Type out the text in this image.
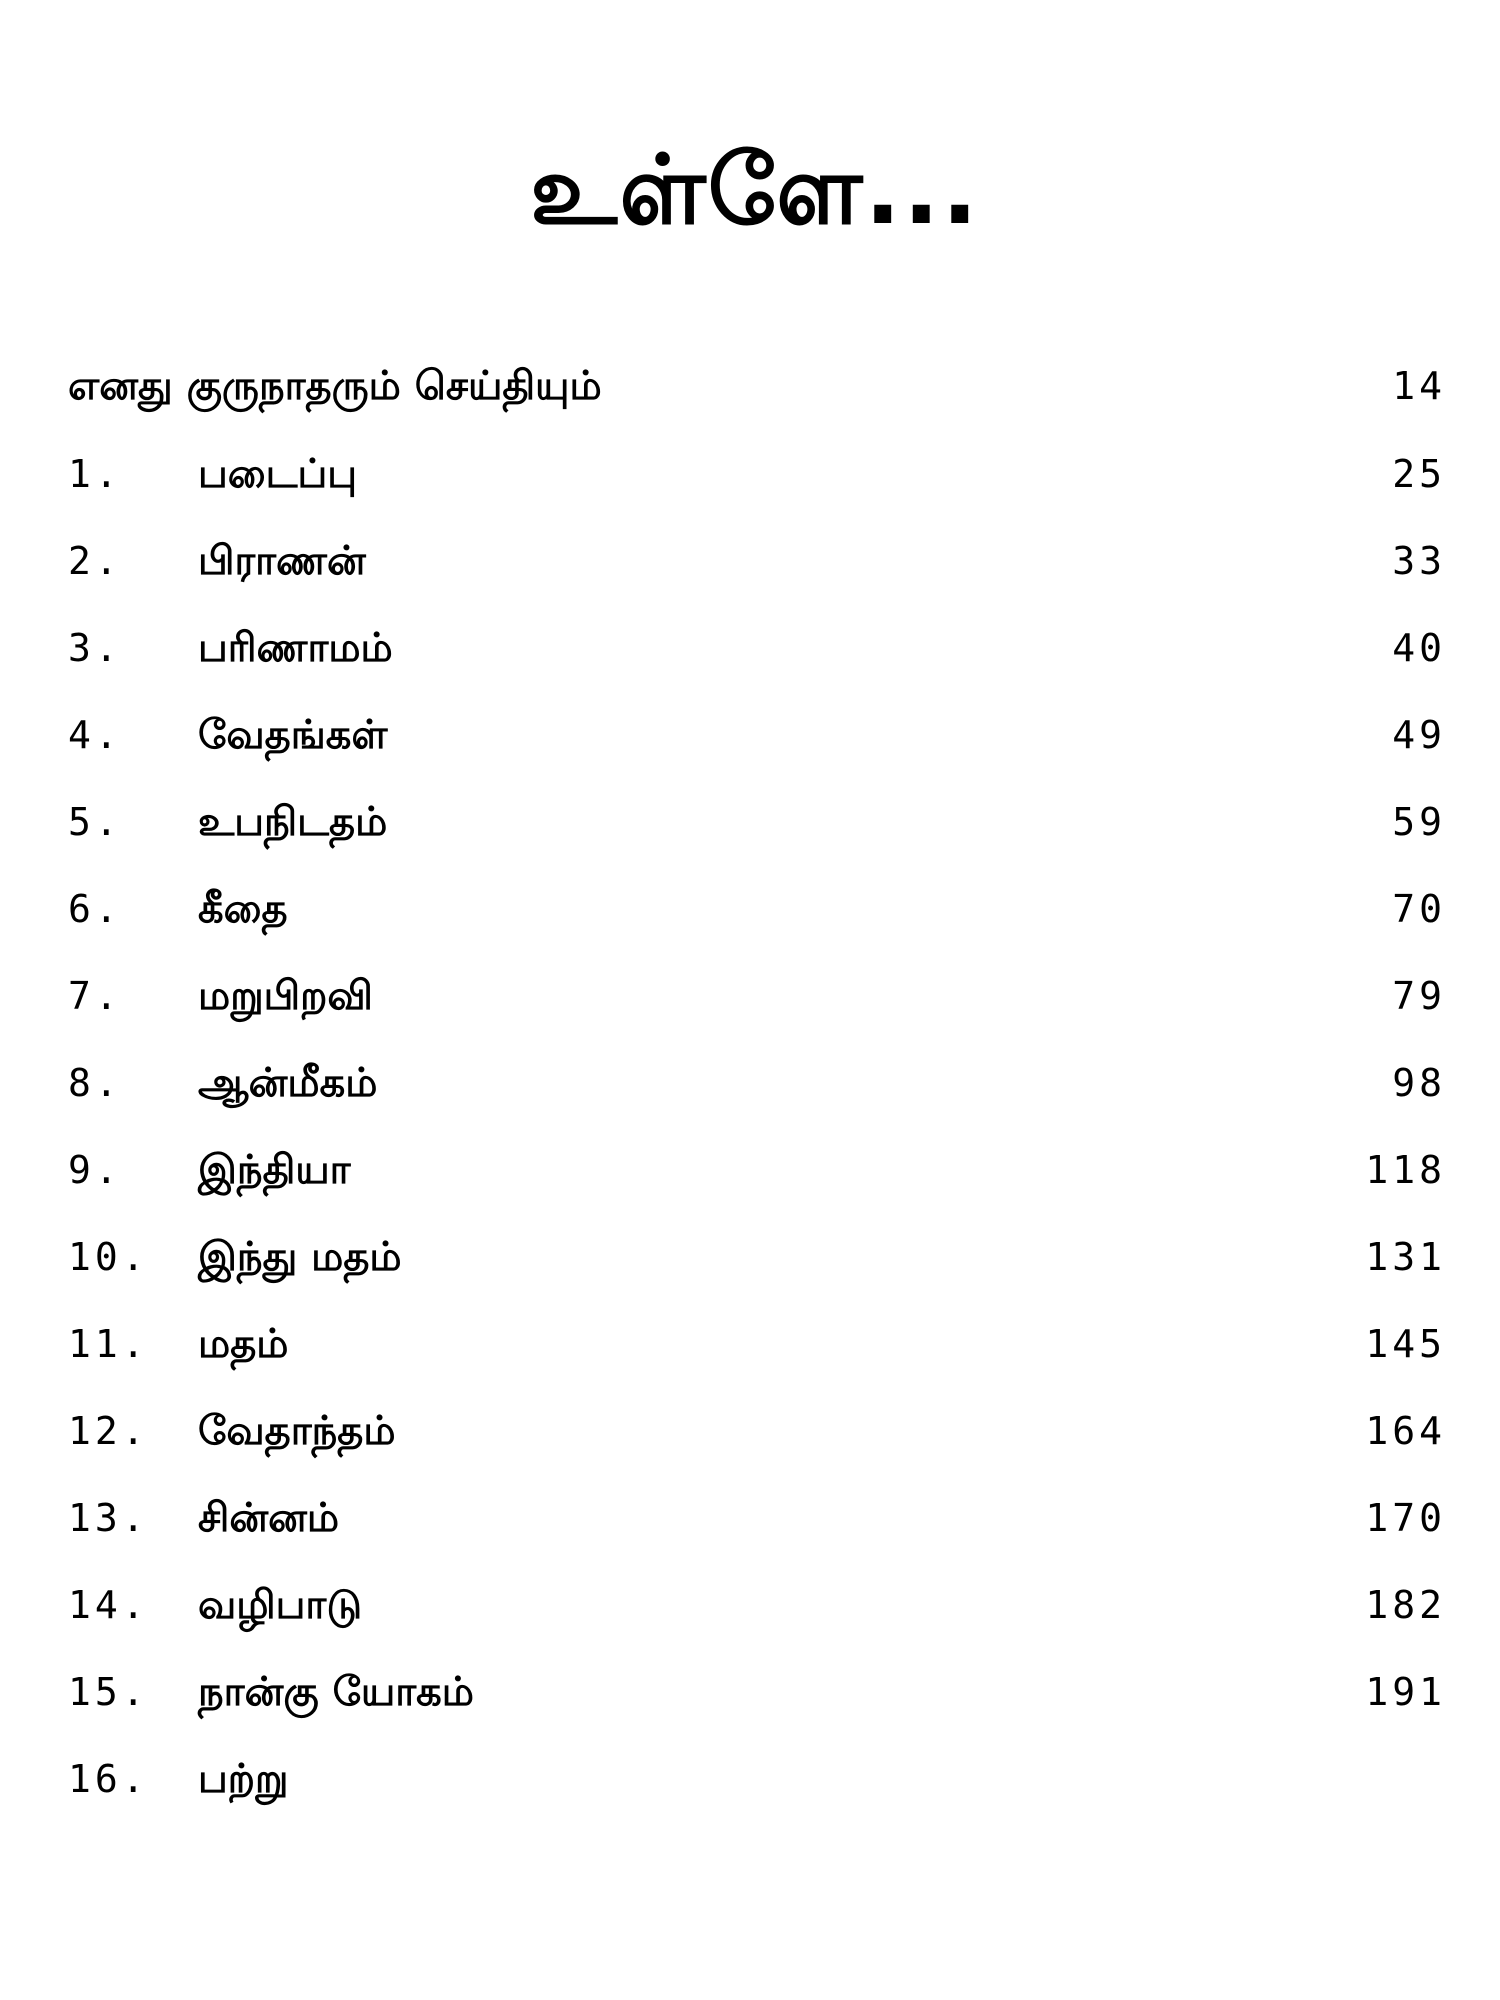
உள்ளே...
எனது குருநாதரும் செய்தியும்	14
1. படைப்பு	25
2. பிராணன்	33
3. பரிணாமம்	40
4. வேதங்கள்	49
5. உபநிடதம்	59
6. கீதை	70
7. மறுபிறவி	79
8. ஆன்மீகம்	98
9. இந்தியா	118
10. இந்து மதம்	131
11. மதம்	145
12. வேதாந்தம்	164
13. சின்னம்	170
14. வழிபாடு	182
15. நான்கு யோகம்	191
16. பற்று
